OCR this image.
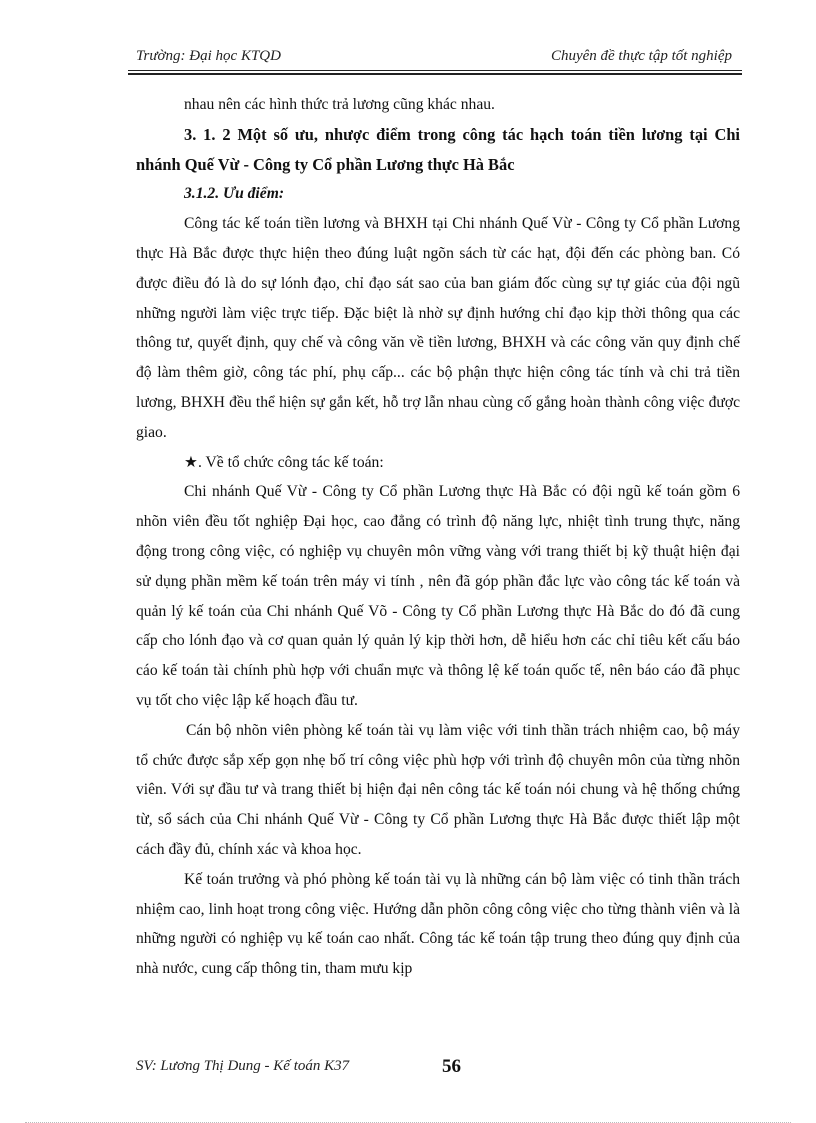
Trường: Đại học KTQD	Chuyên đề thực tập tốt nghiệp

nhau nên các hình thức trả lương cũng khác nhau.

3. 1. 2 Một số ưu, nhược điểm trong công tác hạch toán tiền lương tại Chi nhánh Quế Vừ - Công ty Cổ phần Lương thực Hà Bắc

3.1.2. Ưu điểm:

Công tác kế toán tiền lương và BHXH tại Chi nhánh Quế Vừ - Công ty Cổ phần Lương thực Hà Bắc được thực hiện theo đúng luật ngõn sách từ các hạt, đội đến các phòng ban. Có được điều đó là do sự lónh đạo, chỉ đạo sát sao của ban giám đốc cùng sự tự giác của đội ngũ những người làm việc trực tiếp. Đặc biệt là nhờ sự định hướng chỉ đạo kịp thời thông qua các thông tư, quyết định, quy chế và công văn về tiền lương, BHXH và các công văn quy định chế độ làm thêm giờ, công tác phí, phụ cấp... các bộ phận thực hiện công tác tính và chi trả tiền lương, BHXH đều thể hiện sự gắn kết, hỗ trợ lẫn nhau cùng cố gắng hoàn thành công việc được giao.

★. Về tổ chức công tác kế toán:

Chi nhánh Quế Vừ - Công ty Cổ phần Lương thực Hà Bắc có đội ngũ kế toán gồm 6 nhõn viên đều tốt nghiệp Đại học, cao đẳng có trình độ năng lực, nhiệt tình trung thực, năng động trong công việc, có nghiệp vụ chuyên môn vững vàng với trang thiết bị kỹ thuật hiện đại sử dụng phần mềm kế toán trên máy vi tính , nên đã góp phần đắc lực vào công tác kế toán và quản lý kế toán của Chi nhánh Quế Võ - Công ty Cổ phần Lương thực Hà Bắc do đó đã cung cấp cho lónh đạo và cơ quan quản lý quản lý kịp thời hơn, dễ hiểu hơn các chỉ tiêu kết cấu báo cáo kế toán tài chính phù hợp với chuẩn mực và thông lệ kế toán quốc tế, nên báo cáo đã phục vụ tốt cho việc lập kế hoạch đầu tư.

Cán bộ nhõn viên phòng kế toán tài vụ làm việc với tinh thần trách nhiệm cao, bộ máy tổ chức được sắp xếp gọn nhẹ bố trí công việc phù hợp với trình độ chuyên môn của từng nhõn viên. Với sự đầu tư và trang thiết bị hiện đại nên công tác kế toán nói chung và hệ thống chứng từ, sổ sách của Chi nhánh Quế Vừ - Công ty Cổ phần Lương thực Hà Bắc được thiết lập một cách đầy đủ, chính xác và khoa học.

Kế toán trưởng và phó phòng kế toán tài vụ là những cán bộ làm việc có tinh thần trách nhiệm cao, linh hoạt trong công việc. Hướng dẫn phõn công công việc cho từng thành viên và là những người có nghiệp vụ kế toán cao nhất. Công tác kế toán tập trung theo đúng quy định của nhà nước, cung cấp thông tin, tham mưu kịp

SV: Lương Thị Dung - Kế toán K37	56
